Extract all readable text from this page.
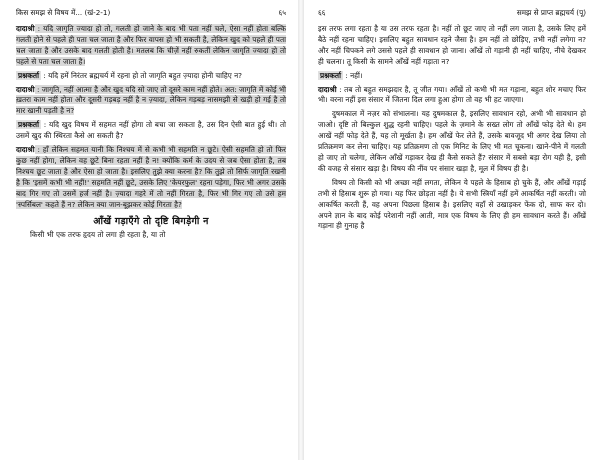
किस समझ से विषय में... (खं-2-1)	६५

दादाश्री : यदि जागृति ज्यादा हो तो, गलती हो जाने के बाद भी पता नहीं चले, ऐसा नहीं होता बल्कि गलती होने से पहले ही पता चल जाता है और फिर वापस हो भी सकती है, लेकिन खुद को पहले ही पता चल जाता है और उसके बाद गलती होती है। मतलब कि चीज़ें नहीं रुकतीं लेकिन जागृति ज्यादा हो तो पहले से पता चल जाता है।

प्रश्नकर्ता : यदि हमें निरंतर ब्रह्मचर्य में रहना हो तो जागृति बहुत ज़्यादा होनी चाहिए न?

दादाश्री : जागृति, नहीं आत्मा है और खुद यदि सो जाए तो दूसरे काम नहीं होते। अत: जागृति में कोई भी ख़तरा काम नहीं होता और दूसरी गड़बड़ नहीं है न ज़्यादा, लेकिन गड़बड़ नासमझी से खड़ी हो गई है तो मार खानी पड़ती है न?

प्रश्नकर्ता : यदि खुद विषय में सहमत नहीं होगा तो बचा जा सकता है, उस दिन ऐसी बात हुई थी। तो उसमें खुद की स्थिरता कैसे आ सकती है?

दादाश्री : हाँ लेकिन सहमत यानी कि निश्चय में से कभी भी सहमति न छूटे। ऐसी सहमति हो तो फिर कुछ नहीं होगा, लेकिन वह छूटे बिना रहता नहीं है न! क्योंकि कर्म के उदय से जब ऐसा होता है, तब निश्चय छूट जाता है और ऐसा हो जाता है। इसलिए तुझे क्या करना है? कि तुझे तो सिर्फ जागृति रखनी है कि 'इसमें कभी भी नहीं!' सहमति नहीं छूटे, उसके लिए 'केयरफुल' रहना पड़ेगा, फिर भी अगर उसके बाद गिर गए तो उसमें हर्ज नहीं है। ज़्यादा गहरे में तो नहीं गिरता है, फिर भी गिर गए तो उसे हम 'स्पर्सिबल' कहते हैं न? लेकिन क्या जान-बूझकर कोई गिरता है?

आँखें गड़ाएँगे तो दृष्टि बिगड़ेगी न

किसी भी एक तरफ हृदय तो लगा ही रहता है, या तो

६६	समझ से प्राप्त ब्रह्मचर्य (पू)

इस तरफ लगा रहता है या उस तरफ रहता है। नहीं तो छूट जाए तो नहीं लग जाता है, उसके लिए हमें बैठे नहीं रहना चाहिए। इसलिए बहुत सावधान रहने जैसा है। हम नहीं तो छोड़िए, तभी नहीं लगेगा न? और नहीं चिपकने लगे उससे पहले ही सावधान हो जाना। आँखें तो गड़ानी ही नहीं चाहिए, नीचे देखकर ही चलना। तू किसी के सामने आँखें नहीं गड़ाता न?

प्रश्नकर्ता : नहीं।

दादाश्री : तब तो बहुत समझदार है, तू जीत गया। आँखें तो कभी भी मत गड़ाना, बहुत शोर मचाए फिर भी। वरना नहीं इस संसार में जितना दिल लगा हुआ होगा तो वह भी हट जाएगा।

दुषमकाल में नज़र को संभालना। यह दुषमकाल है, इसलिए सावधान रहो, अभी भी सावधान हो जाओ। दृष्टि तो बिल्कुल शुद्ध रहनी चाहिए। पहले के ज़माने के सख्त लोग तो आँखें फोड़ देते थे। हम आखें नहीं फोड़ देते हैं, यह तो मूर्खता है। हम आँखें फेर लेते हैं, उसके बावजूद भी अगर देख लिया तो प्रतिक्रमण कर लेना चाहिए। यह प्रतिक्रमण तो एक मिनिट के लिए भी मत चूकना। खाने-पीने में गलती हो जाए तो चलेगा, लेकिन आँखें गड़ाकर देख ही कैसे सकते हैं? संसार में सबसे बड़ा रोग यही है, इसी की वजह से संसार खड़ा है। विषय की नींव पर संसार खड़ा है, मूल में विषय ही है।

विषय तो किसी को भी अच्छा नहीं लगता, लेकिन ये पहले के हिसाब हो चुके हैं, और आँखें गड़ाई तभी से हिसाब शुरू हो गया। यह फिर छोड़ता नहीं है। ये सभी स्त्रियाँ नहीं हमें आकर्षित नहीं करती। जो आकर्षित करती हैं, वह अपना पिछला हिसाब है। इसलिए वहाँ से उखाड़कर फेंक दो, साफ कर दो। अपने ज्ञान के बाद कोई परेशानी नहीं आती, मात्र एक विषय के लिए ही हम सावधान करते हैं। आँखें गड़ाना ही गुनाह है
